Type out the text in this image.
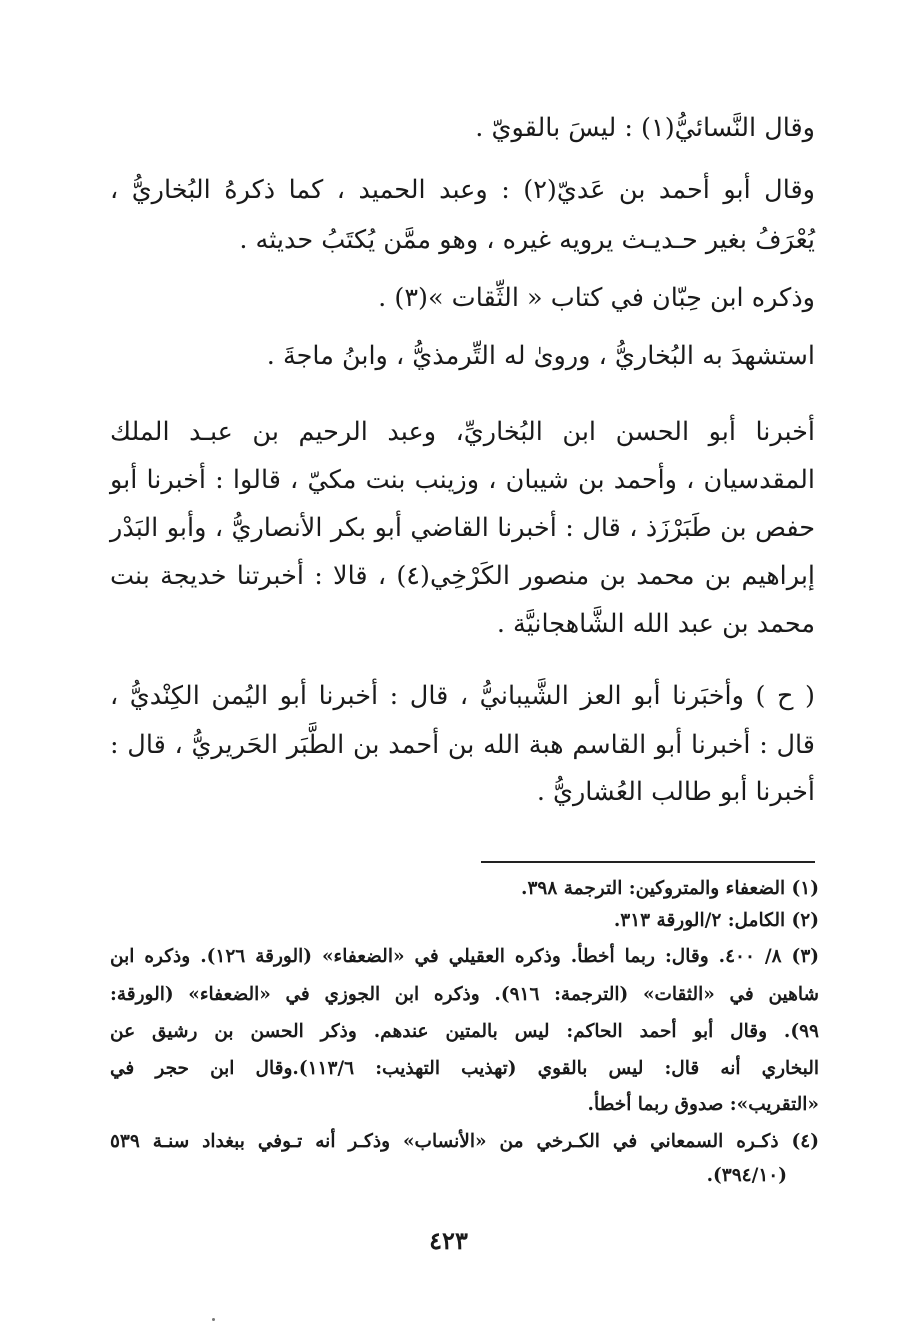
وقال النَّسائيُّ(١) : ليسَ بالقويّ .
وقال أبو أحمد بن عَديّ(٢) : وعبد الحميد ، كما ذكرهُ البُخاريُّ ،
يُعْرَفُ بغير حـديـث يرويه غيره ، وهو ممَّن يُكتَبُ حديثه .
وذكره ابن حِبّان في كتاب « الثِّقات »(٣) .
استشهدَ به البُخاريُّ ، وروىٰ له التِّرمذيُّ ، وابنُ ماجةَ .
أخبرنا أبو الحسن ابن البُخاريِّ، وعبد الرحيم بن عبـد الملك
المقدسيان ، وأحمد بن شيبان ، وزينب بنت مكيّ ، قالوا : أخبرنا أبو
حفص بن طَبَرْزَذ ، قال : أخبرنا القاضي أبو بكر الأنصاريُّ ، وأبو البَدْر
إبراهيم بن محمد بن منصور الكَرْخِي(٤) ، قالا : أخبرتنا خديجة بنت
محمد بن عبد الله الشَّاهجانيَّة .
( ح ) وأخبَرنا أبو العز الشَّيبانيُّ ، قال : أخبرنا أبو اليُمن الكِنْديُّ ،
قال : أخبرنا أبو القاسم هبة الله بن أحمد بن الطَّبَر الحَريريُّ ، قال :
أخبرنا أبو طالب العُشاريُّ .
(١) الضعفاء والمتروكين: الترجمة ٣٩٨.
(٢) الكامل: ٢/الورقة ٣١٣.
(٣) ٨/ ٤٠٠. وقال: ربما أخطأ. وذكره العقيلي في «الضعفاء» (الورقة ١٢٦). وذكره ابن
شاهين في «الثقات» (الترجمة: ٩١٦). وذكره ابن الجوزي في «الضعفاء» (الورقة:
٩٩). وقال أبو أحمد الحاكم: ليس بالمتين عندهم. وذكر الحسن بن رشيق عن
البخاري أنه قال: ليس بالقوي (تهذيب التهذيب: ١١٣/٦).وقال ابن حجر في
«التقريب»: صدوق ربما أخطأ.
(٤) ذكـره السمعاني في الكـرخي من «الأنساب» وذكـر أنه تـوفي ببغداد سنـة ٥٣٩
(٣٩٤/١٠).
٤٢٣
